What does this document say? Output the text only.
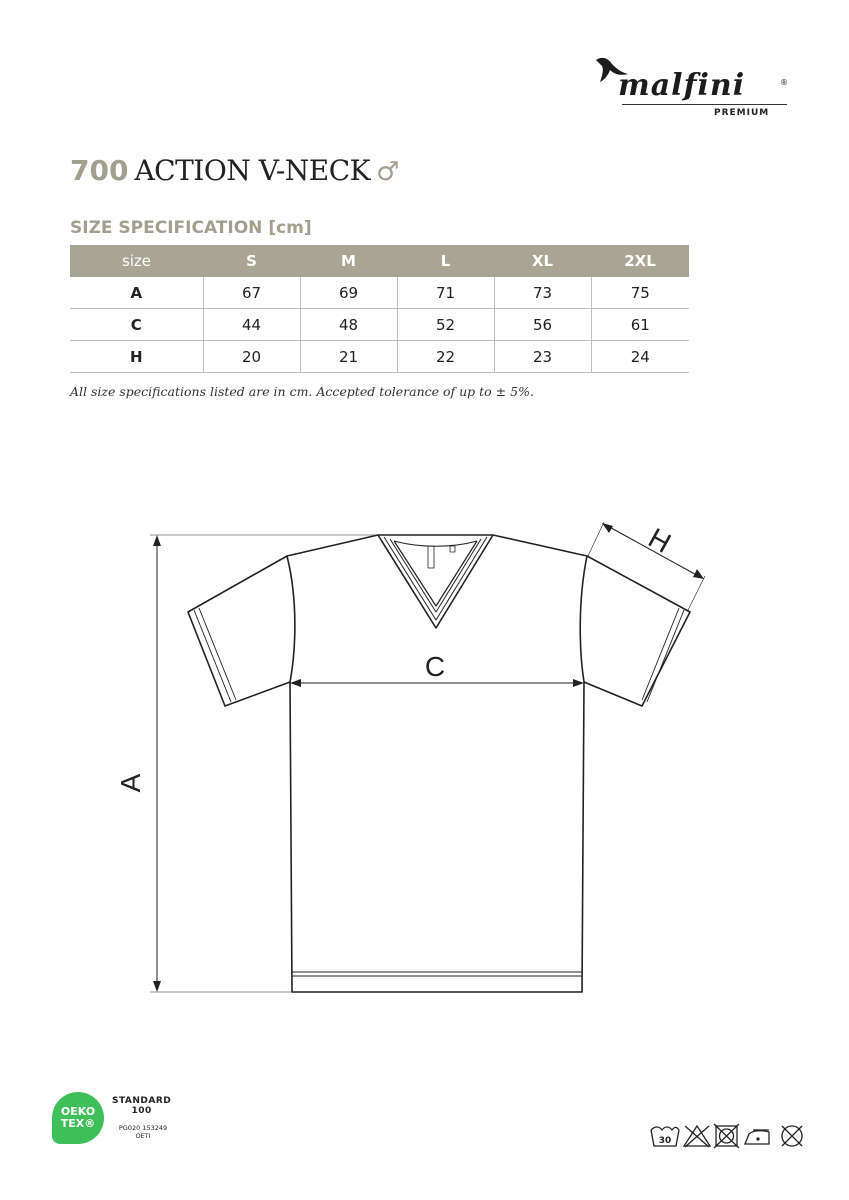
malfini	®
PREMIUM
700 ACTION V-NECK ♂
SIZE SPECIFICATION [cm]
size	S	M	L	XL	2XL
A	67	69	71	73	75
C	44	48	52	56	61
H	20	21	22	23	24
All size specifications listed are in cm. Accepted tolerance of up to ± 5%.
A
C
H
OEKO
TEX®
STANDARD
100
PG020 153249
OETI	30
